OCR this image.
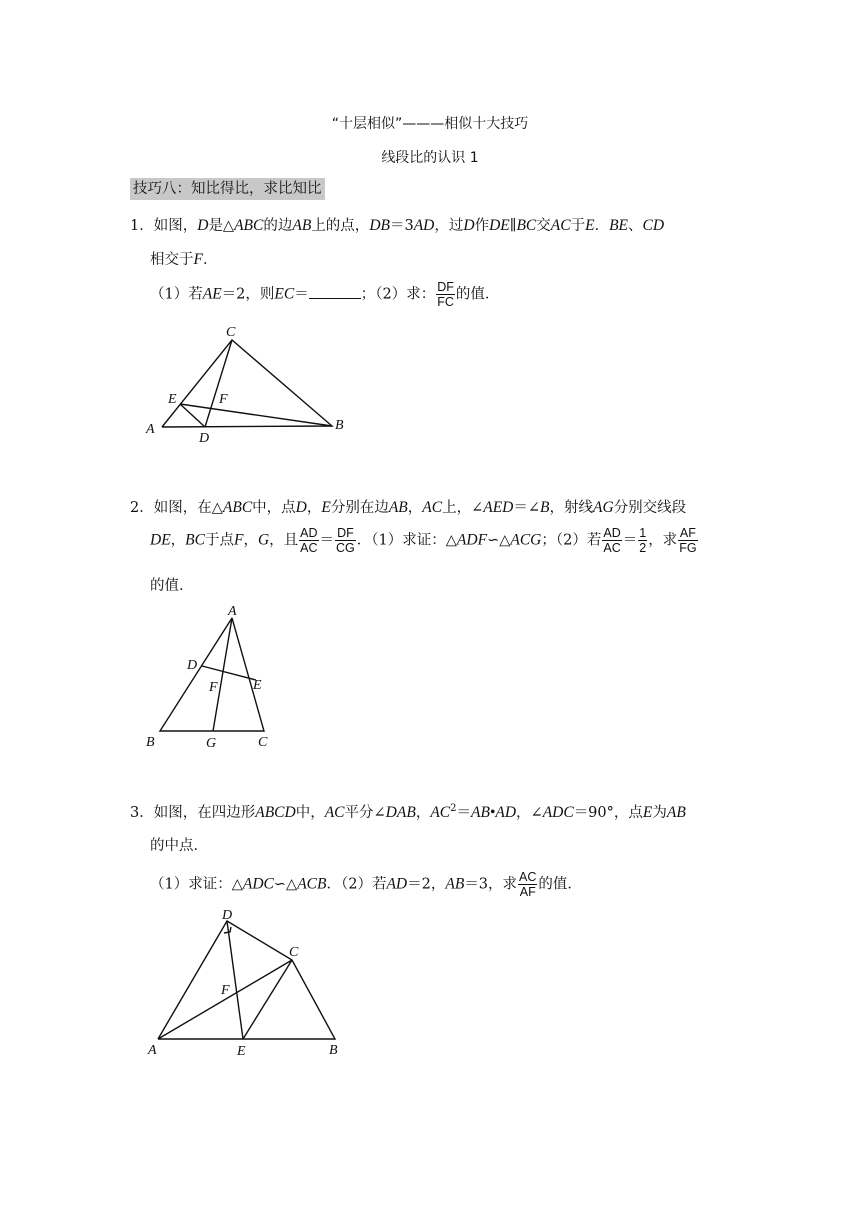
“十层相似”———相似十大技巧
线段比的认识 1
技巧八：知比得比，求比知比
1．如图，D是△ABC的边AB上的点，DB＝3AD，过D作DE∥BC交AC于E．BE、CD
相交于F．
（1）若AE＝2，则EC＝	；（2）求： $\frac{DF}{FC}$ 的值．
A	B
C
D
E	F
2．如图，在△ABC中，点D，E分别在边AB，AC上，∠AED＝∠B，射线AG分别交线段
DE，BC于点F，G，且 $\frac{AD}{AC} = \frac{DF}{CG}$ ．（1）求证：△ADF∽△ACG；（2）若 $\frac{AD}{AC} = \frac{1}{2}$ ，求 $\frac{AF}{FG}$
的值．
A
B	C
D
E
F
G
3．如图，在四边形ABCD中，AC平分∠DAB，$AC^2=AB•AD$，∠ADC＝90°，点E为AB
的中点．
（1）求证：△ADC∽△ACB．（2）若AD＝2，AB＝3，求 $\frac{AC}{AF}$ 的值．
A	B
C
D
E
F
